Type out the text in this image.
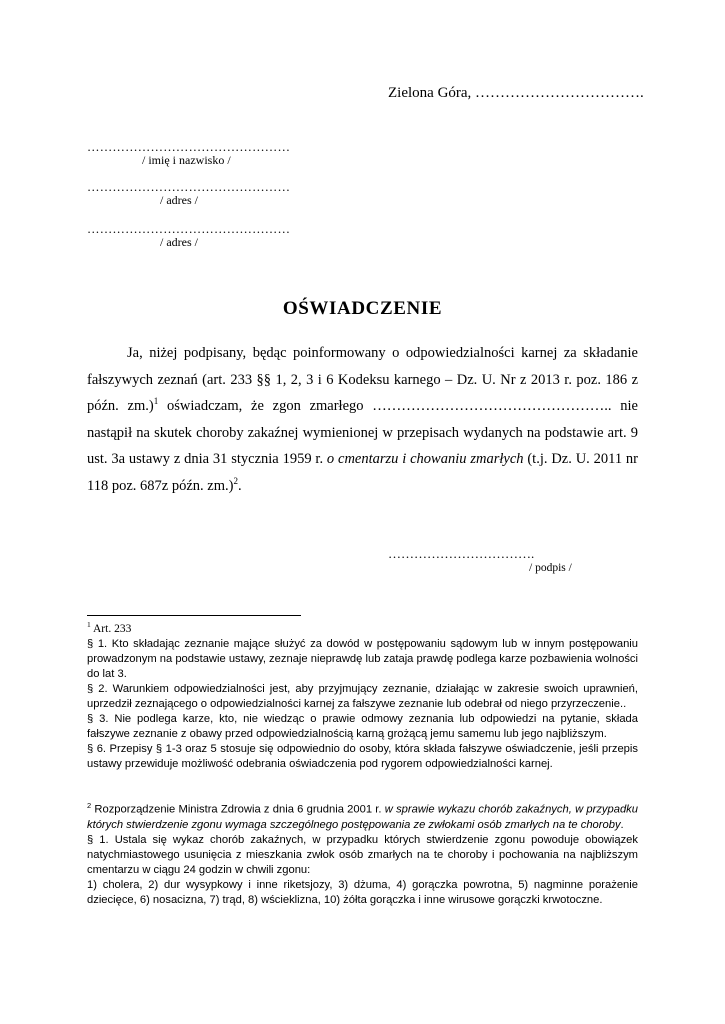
Zielona Góra, …………………………….
…………………………………………
/ imię i nazwisko /
…………………………………………
/ adres /
…………………………………………
/ adres /
OŚWIADCZENIE

Ja, niżej podpisany, będąc poinformowany o odpowiedzialności karnej za składanie fałszywych zeznań (art. 233 §§ 1, 2, 3 i 6 Kodeksu karnego – Dz. U. Nr z 2013 r. poz. 186 z późn. zm.)$^1$ oświadczam, że zgon zmarłego ………………………………………….. nie nastąpił na skutek choroby zakaźnej wymienionej w przepisach wydanych na podstawie art. 9 ust. 3a ustawy z dnia 31 stycznia 1959 r. o cmentarzu i chowaniu zmarłych (t.j. Dz. U. 2011 nr 118 poz. 687z późn. zm.)$^2$.

…………………………….
/ podpis /

$^1$ Art. 233

§ 1. Kto składając zeznanie mające służyć za dowód w postępowaniu sądowym lub w innym postępowaniu prowadzonym na podstawie ustawy, zeznaje nieprawdę lub zataja prawdę podlega karze pozbawienia wolności do lat 3.

§ 2. Warunkiem odpowiedzialności jest, aby przyjmujący zeznanie, działając w zakresie swoich uprawnień, uprzedził zeznającego o odpowiedzialności karnej za fałszywe zeznanie lub odebrał od niego przyrzeczenie..

§ 3. Nie podlega karze, kto, nie wiedząc o prawie odmowy zeznania lub odpowiedzi na pytanie, składa fałszywe zeznanie z obawy przed odpowiedzialnością karną grożącą jemu samemu lub jego najbliższym.

§ 6. Przepisy § 1-3 oraz 5 stosuje się odpowiednio do osoby, która składa fałszywe oświadczenie, jeśli przepis ustawy przewiduje możliwość odebrania oświadczenia pod rygorem odpowiedzialności karnej.

$^2$ Rozporządzenie Ministra Zdrowia z dnia 6 grudnia 2001 r. w sprawie wykazu chorób zakaźnych, w przypadku których stwierdzenie zgonu wymaga szczególnego postępowania ze zwłokami osób zmarłych na te choroby.

§ 1. Ustala się wykaz chorób zakaźnych, w przypadku których stwierdzenie zgonu powoduje obowiązek natychmiastowego usunięcia z mieszkania zwłok osób zmarłych na te choroby i pochowania na najbliższym cmentarzu w ciągu 24 godzin w chwili zgonu:

1) cholera, 2) dur wysypkowy i inne riketsjozy, 3) dżuma, 4) gorączka powrotna, 5) nagminne porażenie dziecięce, 6) nosacizna, 7) trąd, 8) wścieklizna, 10) żółta gorączka i inne wirusowe gorączki krwotoczne.
